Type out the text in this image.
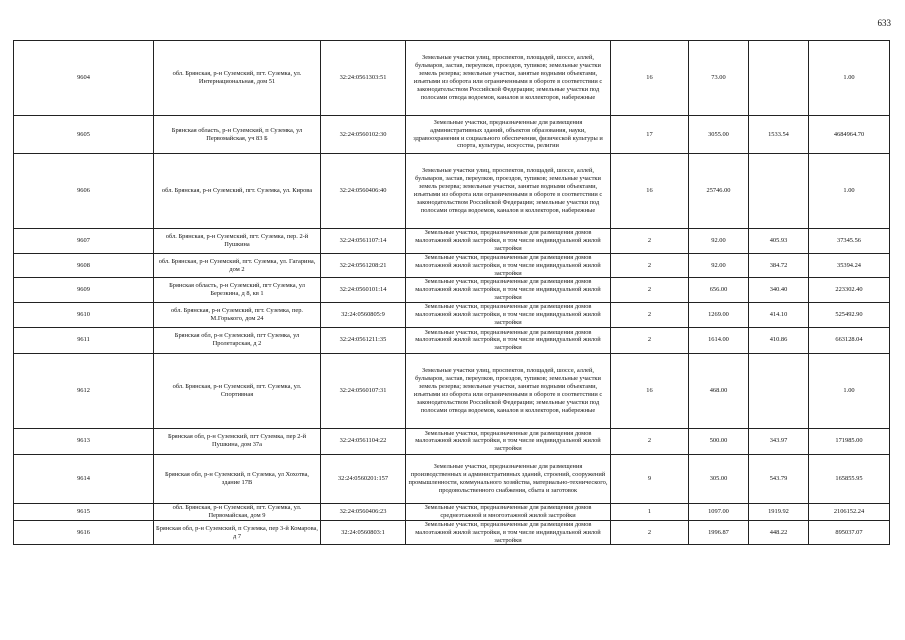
633
9604	обл. Брянская, р-н Суземский, пгт. Суземка, ул. Интернациональная, дом 51	32:24:0561303:51	Земельные участки улиц, проспектов, площадей, шоссе, аллей, бульваров, застав, переулков, проездов, тупиков; земельные участки земель резерва; земельные участки, занятые водными объектами, изъятыми из оборота или ограниченными в обороте в соответствии с законодательством Российской Федерации; земельные участки под полосами отвода водоемов, каналов и коллекторов, набережные	16	73.00		1.00
9605	Брянская область, р-н Суземский, п Суземка, ул Первомайская, уч 83 Б	32:24:0560102:30	Земельные участки, предназначенные для размещения административных зданий, объектов образования, науки, здравоохранения и социального обеспечения, физической культуры и спорта, культуры, искусства, религии	17	3055.00	1533.54	4684964.70
9606	обл. Брянская, р-н Суземский, пгт. Суземка, ул. Кирова	32:24:0560406:40	Земельные участки улиц, проспектов, площадей, шоссе, аллей, бульваров, застав, переулков, проездов, тупиков; земельные участки земель резерва; земельные участки, занятые водными объектами, изъятыми из оборота или ограниченными в обороте в соответствии с законодательством Российской Федерации; земельные участки под полосами отвода водоемов, каналов и коллекторов, набережные	16	25746.00		1.00
9607	обл. Брянская, р-н Суземский, пгт. Суземка, пер. 2-й Пушкина	32:24:0561107:14	Земельные участки, предназначенные для размещения домов малоэтажной жилой застройки, в том числе индивидуальной жилой застройки	2	92.00	405.93	37345.56
9608	обл. Брянская, р-н Суземский, пгт. Суземка, ул. Гагарина, дом 2	32:24:0561208:21	Земельные участки, предназначенные для размещения домов малоэтажной жилой застройки, в том числе индивидуальной жилой застройки	2	92.00	384.72	35394.24
9609	Брянская область, р-н Суземский, пгт Суземка, ул Березкина, д 8, кв 1	32:24:0560101:14	Земельные участки, предназначенные для размещения домов малоэтажной жилой застройки, в том числе индивидуальной жилой застройки	2	656.00	340.40	223302.40
9610	обл. Брянская, р-н Суземский, пгт. Суземка, пер. М.Горького, дом 24	32:24:0560805:9	Земельные участки, предназначенные для размещения домов малоэтажной жилой застройки, в том числе индивидуальной жилой застройки	2	1269.00	414.10	525492.90
9611	Брянская обл, р-н Суземский, пгт Суземка, ул Пролетарская, д 2	32:24:0561211:35	Земельные участки, предназначенные для размещения домов малоэтажной жилой застройки, в том числе индивидуальной жилой застройки	2	1614.00	410.86	663128.04
9612	обл. Брянская, р-н Суземский, пгт. Суземка, ул. Спортивная	32:24:0560107:31	Земельные участки улиц, проспектов, площадей, шоссе, аллей, бульваров, застав, переулков, проездов, тупиков; земельные участки земель резерва; земельные участки, занятые водными объектами, изъятыми из оборота или ограниченными в обороте в соответствии с законодательством Российской Федерации; земельные участки под полосами отвода водоемов, каналов и коллекторов, набережные	16	468.00		1.00
9613	Брянская обл, р-н Суземский, пгт Суземка, пер 2-й Пушкина, дом 37а	32:24:0561104:22	Земельные участки, предназначенные для размещения домов малоэтажной жилой застройки, в том числе индивидуальной жилой застройки	2	500.00	343.97	171985.00
9614	Брянская обл, р-н Суземский, п Суземка, ул Хохотва, здание 17В	32:24:0560201:157	Земельные участки, предназначенные для размещения производственных и административных зданий, строений, сооружений промышленности, коммунального хозяйства, материально-технического, продовольственного снабжения, сбыта и заготовок	9	305.00	543.79	165855.95
9615	обл. Брянская, р-н Суземский, пгт. Суземка, ул. Первомайская, дом 9	32:24:0560406:23	Земельные участки, предназначенные для размещения домов среднеэтажной и многоэтажной жилой застройки	1	1097.00	1919.92	2106152.24
9616	Брянская обл, р-н Суземский, п Суземка, пер 3-й Комарова, д 7	32:24:0560803:1	Земельные участки, предназначенные для размещения домов малоэтажной жилой застройки, в том числе индивидуальной жилой застройки	2	1996.87	448.22	895037.07
